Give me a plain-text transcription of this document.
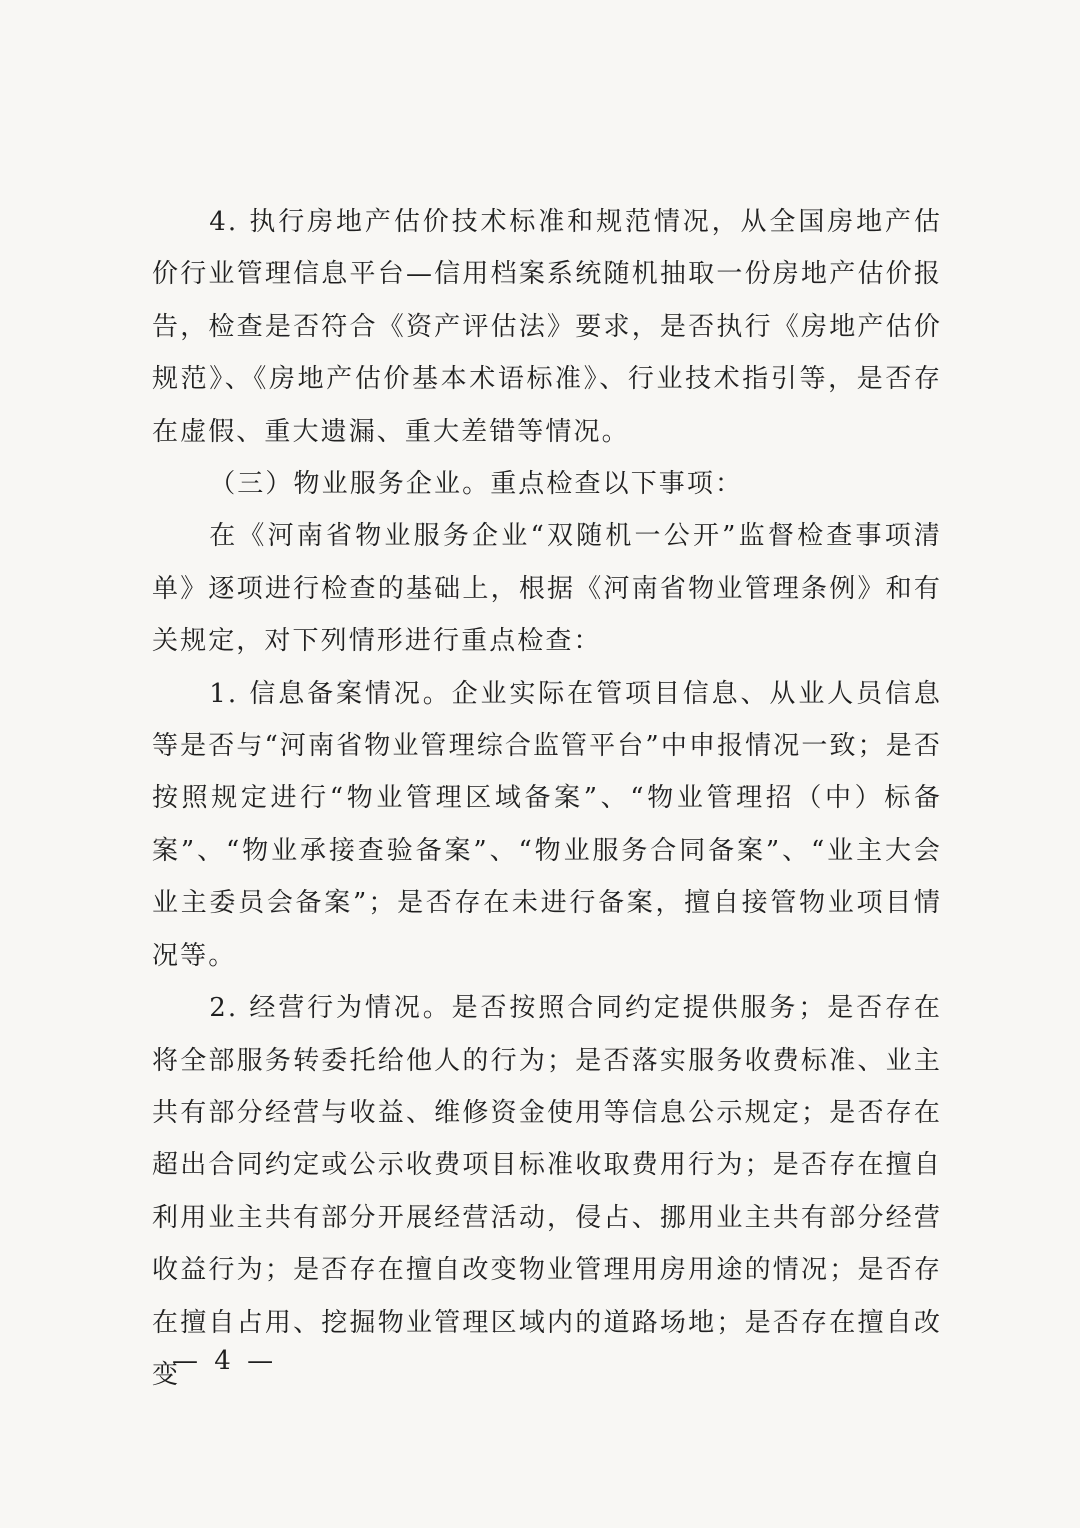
4. 执行房地产估价技术标准和规范情况，从全国房地产估价行业管理信息平台—信用档案系统随机抽取一份房地产估价报告，检查是否符合《资产评估法》要求，是否执行《房地产估价规范》、《房地产估价基本术语标准》、行业技术指引等，是否存在虚假、重大遗漏、重大差错等情况。

（三）物业服务企业。重点检查以下事项：

在《河南省物业服务企业“双随机一公开”监督检查事项清单》逐项进行检查的基础上，根据《河南省物业管理条例》和有关规定，对下列情形进行重点检查：

1. 信息备案情况。企业实际在管项目信息、从业人员信息等是否与“河南省物业管理综合监管平台”中申报情况一致；是否按照规定进行“物业管理区域备案”、“物业管理招（中）标备案”、“物业承接查验备案”、“物业服务合同备案”、“业主大会业主委员会备案”；是否存在未进行备案，擅自接管物业项目情况等。

2. 经营行为情况。是否按照合同约定提供服务；是否存在将全部服务转委托给他人的行为；是否落实服务收费标准、业主共有部分经营与收益、维修资金使用等信息公示规定；是否存在超出合同约定或公示收费项目标准收取费用行为；是否存在擅自利用业主共有部分开展经营活动，侵占、挪用业主共有部分经营收益行为；是否存在擅自改变物业管理用房用途的情况；是否存在擅自占用、挖掘物业管理区域内的道路场地；是否存在擅自改变

— 4 —
